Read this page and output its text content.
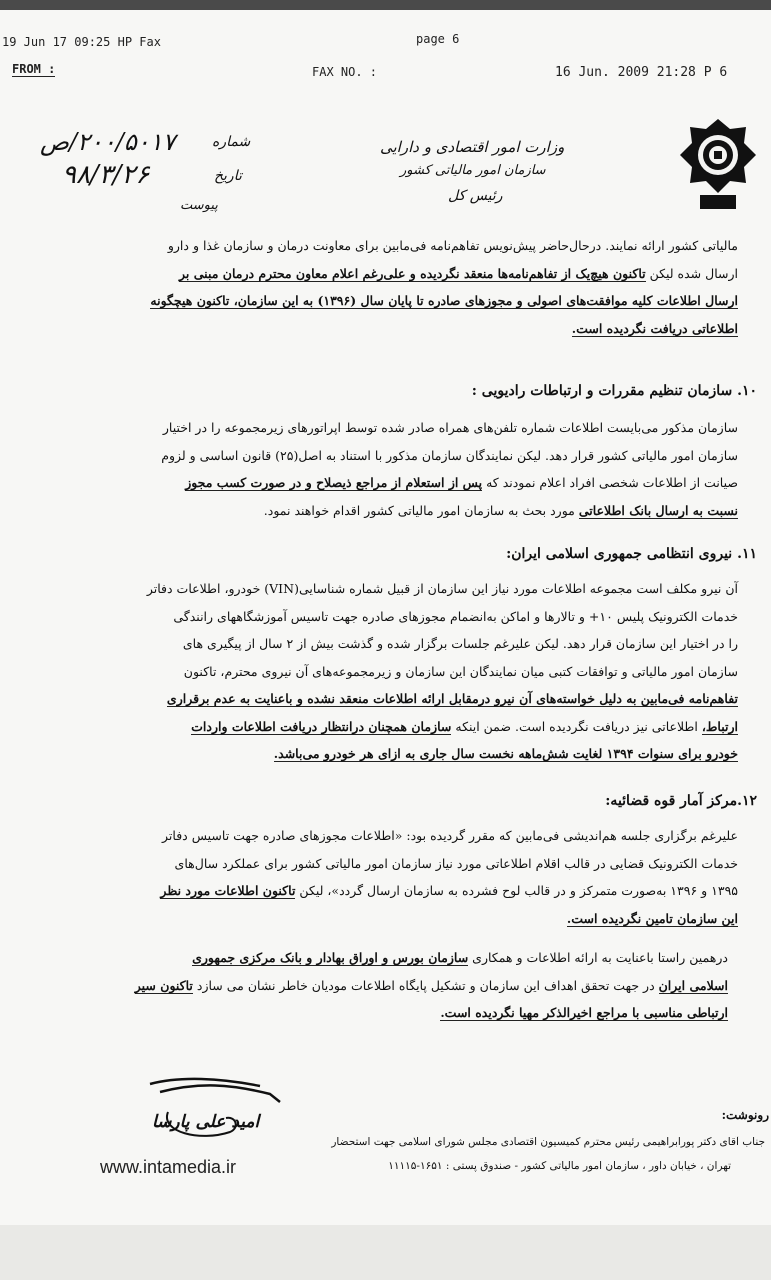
19 Jun 17 09:25 HP Fax	page 6
FROM :	FAX NO. :	16 Jun. 2009 21:28 P 6
وزارت امور اقتصادی و دارایی
سازمان امور مالیاتی کشور
رئیس کل
شماره
۲۰۰/۵۰۱۷/ص
تاریخ
۹۸/۳/۲۶
پیوست
مالیاتی کشور ارائه نمایند. درحال‌حاضر پیش‌نویس تفاهم‌نامه فی‌مابین برای معاونت درمان و سازمان غذا و دارو
ارسال شده لیکن تاکنون هیچ‌یک از تفاهم‌نامه‌ها منعقد نگردیده و علی‌رغم اعلام معاون محترم درمان مبنی بر
ارسال اطلاعات کلیه موافقت‌های اصولی و مجوزهای صادره تا پایان سال (۱۳۹۶) به این سازمان، تاکنون هیچگونه
اطلاعاتی دریافت نگردیده است.
۱۰. سازمان تنظیم مقررات و ارتباطات رادیویی :
سازمان مذکور می‌بایست اطلاعات شماره تلفن‌های همراه صادر شده توسط اپراتورهای زیرمجموعه را در اختیار
سازمان امور مالیاتی کشور قرار دهد. لیکن نمایندگان سازمان مذکور با استناد به اصل(۲۵) قانون اساسی و لزوم
صیانت از اطلاعات شخصی افراد اعلام نمودند که پس از استعلام از مراجع ذیصلاح و در صورت کسب مجوز
نسبت به ارسال بانک اطلاعاتی مورد بحث به سازمان امور مالیاتی کشور اقدام خواهند نمود.
۱۱. نیروی انتظامی جمهوری اسلامی ایران:
آن نیرو مکلف است مجموعه اطلاعات مورد نیاز این سازمان از قبیل شماره شناسایی(VIN) خودرو، اطلاعات دفاتر
خدمات الکترونیک پلیس ۱۰+ و تالارها و اماکن به‌انضمام مجوزهای صادره جهت تاسیس آموزشگاههای رانندگی
را در اختیار این سازمان قرار دهد. لیکن علیرغم جلسات برگزار شده و گذشت بیش از ۲ سال از پیگیری های
سازمان امور مالیاتی و توافقات کتبی میان نمایندگان این سازمان و زیرمجموعه‌های آن نیروی محترم، تاکنون
تفاهم‌نامه فی‌مابین به دلیل خواسته‌های آن نیرو درمقابل ارائه اطلاعات منعقد نشده و باعنایت به عدم برقراری
ارتباط، اطلاعاتی نیز دریافت نگردیده است. ضمن اینکه سازمان همچنان درانتظار دریافت اطلاعات واردات
خودرو برای سنوات ۱۳۹۴ لغایت شش‌ماهه نخست سال جاری به ازای هر خودرو می‌باشد.
۱۲.مرکز آمار قوه قضائیه:
علیرغم برگزاری جلسه هم‌اندیشی فی‌مابین که مقرر گردیده بود: «اطلاعات مجوزهای صادره جهت تاسیس دفاتر
خدمات الکترونیک قضایی در قالب اقلام اطلاعاتی مورد نیاز سازمان امور مالیاتی کشور برای عملکرد سال‌های
۱۳۹۵ و ۱۳۹۶ به‌صورت متمرکز و در قالب لوح فشرده به سازمان ارسال گردد»، لیکن تاکنون اطلاعات مورد نظر
این سازمان تامین نگردیده است.
درهمین راستا باعنایت به ارائه اطلاعات و همکاری سازمان بورس و اوراق بهادار و بانک مرکزی جمهوری
اسلامی ایران در جهت تحقق اهداف این سازمان و تشکیل پایگاه اطلاعات مودیان خاطر نشان می سازد تاکنون سیر
ارتباطی مناسبی با مراجع اخیرالذکر مهیا نگردیده است.
امید علی پارسا
www.intamedia.ir
رونوشت:
جناب آقای دکتر پورابراهیمی رئیس محترم کمیسیون اقتصادی مجلس شورای اسلامی جهت استحضار
تهران ، خیابان داور ، سازمان امور مالیاتی کشور - صندوق پستی : ۱۶۵۱-۱۱۱۱۵
